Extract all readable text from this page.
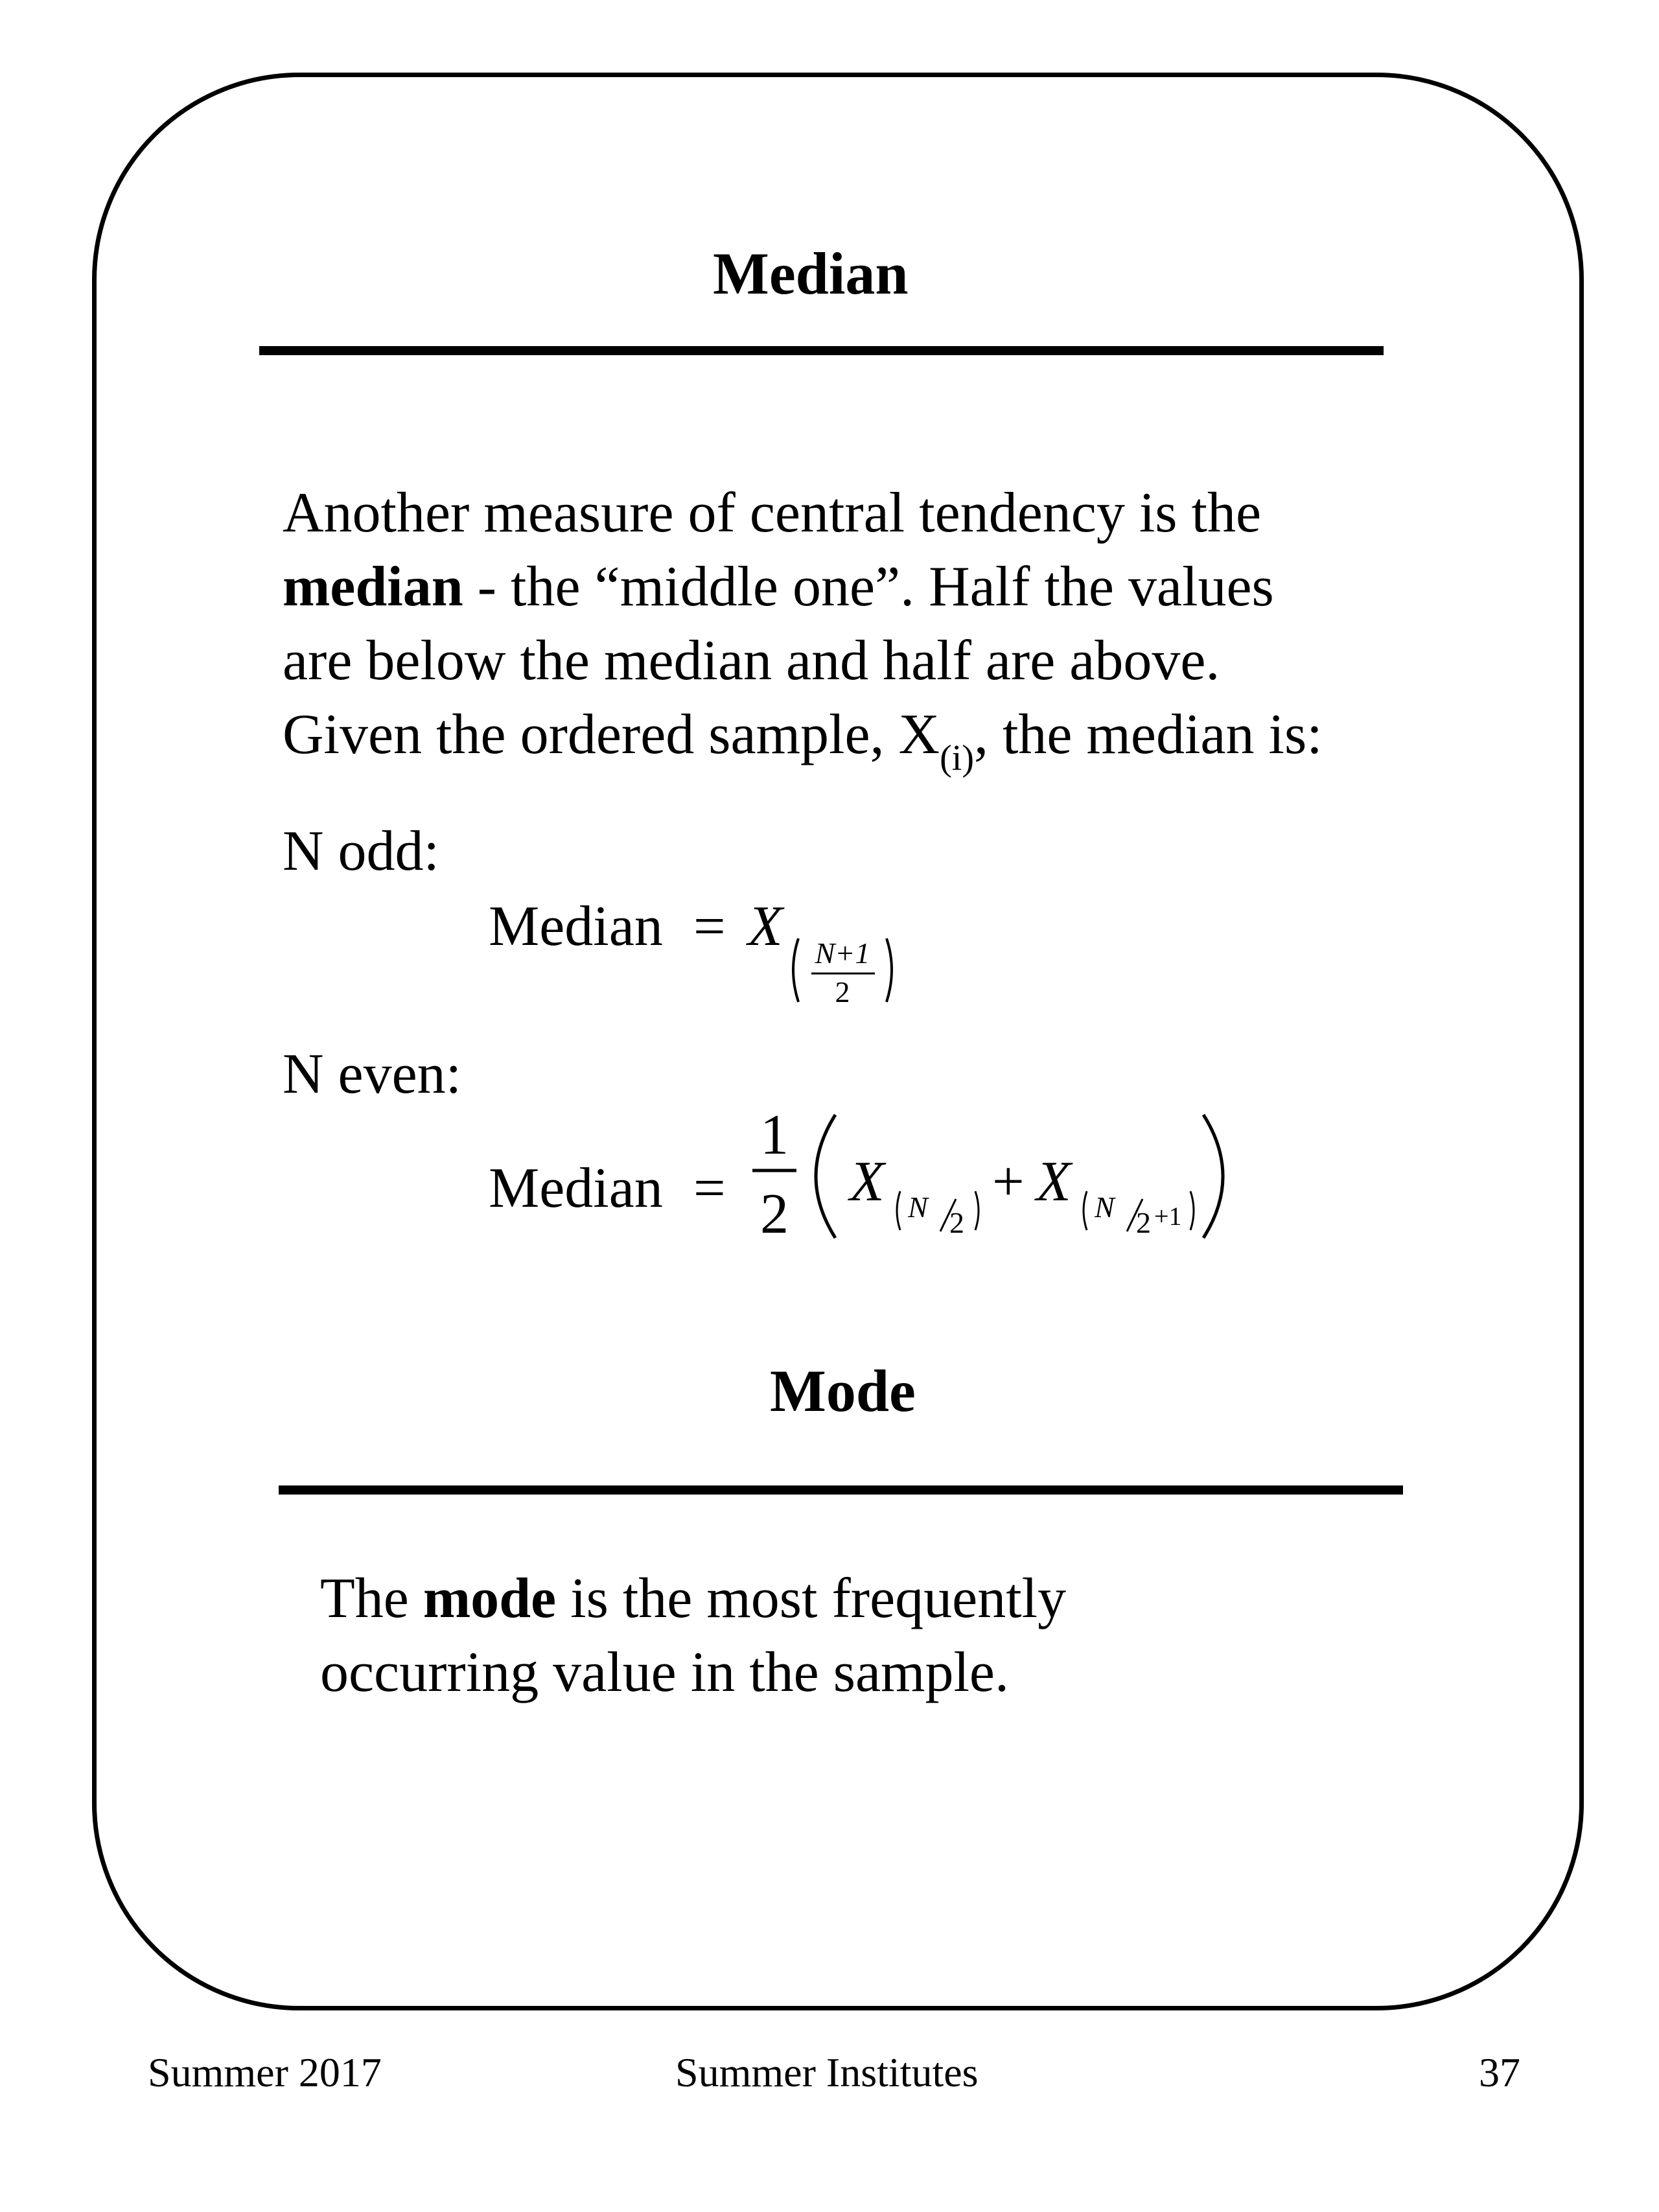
Median
Another measure of central tendency is the
median - the “middle one”. Half the values
are below the median and half are above.
Given the ordered sample, $X_{(i)}$, the median is:
N odd:
Median = X N+1
2
N even:
Median =
1
2
X N 2
+ X N 2 +1
Mode
The mode is the most frequently
occurring value in the sample.
Summer 2017	Summer Institutes	37
